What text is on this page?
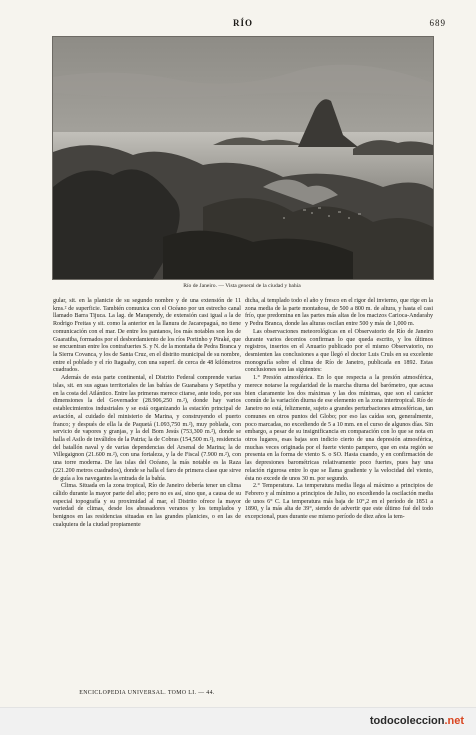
RÍO	689
Río de Janeiro. — Vista general de la ciudad y bahía

gular, sit. en la planicie de su segundo nombre y de una extensión de 11 kms.² de superficie. También comunica con el Océano por un estrecho canal llamado Barra Tijuca. La lag. de Marapendy, de extensión casi igual a la de Rodrigo Freitas y sit. como la anterior en la llanura de Jacarepaguá, no tiene comunicación con el mar. De entre los pantanos, los más notables son los de Guaratiba, formados por el desbordamiento de los ríos Portinho y Piraké, que se encuentran entre los contrafuertes S. y N. de la montaña de Pedra Branca y la Sierra Covanca, y los de Santa Cruz, en el distrito municipal de su nombre, entre el poblado y el río Itaguahy, con una superf. de cerca de 48 kilómetros cuadrados.

Además de esta parte continental, el Distrito Federal comprende varias islas, sit. en sus aguas territoriales de las bahías de Guanabara y Sepetiba y en la costa del Atlántico. Entre las primeras merece citarse, ante todo, por sus dimensiones la del Governador (28.906,250 m.²), donde hay varios establecimientos industriales y se está organizando la estación principal de aviación, al cuidado del ministerio de Marina, y construyendo el puerto franco; y después de ella la de Paquetá (1.093,750 m.²), muy poblada, con servicio de vapores y granjas, y la del Bom Jesús (753,300 m.²), donde se halla el Asilo de inválidos de la Patria; la de Cobras (154,500 m.²), residencia del batallón naval y de varias dependencias del Arsenal de Marina; la de Villegaignon (21.600 m.²), con una fortaleza, y la de Fiscal (7.900 m.²), con una torre moderna. De las islas del Océano, la más notable es la Raza (221.200 metros cuadrados), donde se halla el faro de primera clase que sirve de guía a los navegantes la entrada de la bahía.

Clima. Situada en la zona tropical, Río de Janeiro debería tener un clima cálido durante la mayor parte del año; pero no es así, sino que, a causa de su especial topografía y su proximidad al mar, el Distrito ofrece la mayor variedad de climas, desde los abrasadores veranos y los templados y benignos en las residencias situadas en las grandes planicies, o en las de cualquiera de la ciudad propiamente

dicha, al templado todo el año y fresco en el rigor del invierno, que rige en la zona media de la parte montañosa, de 500 a 800 m. de altura, y hasta el casi frío, que predomina en las partes más altas de los macizos Carioca-Andarahy y Pedra Branca, donde las alturas oscilan entre 500 y más de 1,000 m.

Las observaciones meteorológicas en el Observatorio de Río de Janeiro durante varios decenios confirman lo que queda escrito, y los últimos registros, insertos en el Anuario publicado por el mismo Observatorio, no desmienten las conclusiones a que llegó el doctor Luis Cruls en su excelente monografía sobre el clima de Río de Janeiro, publicada en 1892. Estas conclusiones son las siguientes:

1.° Presión atmosférica. En lo que respecta a la presión atmosférica, merece notarse la regularidad de la marcha diurna del barómetro, que acusa bien claramente los dos máximas y las dos mínimas, que son el carácter común de la variación diurna de ese elemento en la zona intertropical. Río de Janeiro no está, felizmente, sujeto a grandes perturbaciones atmosféricas, tan comunes en otros puntos del Globo; por eso las caídas son, generalmente, poco marcadas, no excediendo de 5 a 10 mm. en el curso de algunos días. Sin embargo, a pesar de su insignificancia en comparación con lo que se nota en otros lugares, esas bajas son indicio cierto de una depresión atmosférica, muchas veces originada por el fuerte viento pampero, que en esta región se presenta en la forma de viento S. o SO. Hasta cuando, y en confirmación de las depresiones barométricas relativamente poco fuertes, pues hay una relación rigurosa entre lo que se llama gradiente y la velocidad del viento, ésta no excede de unos 30 m. por segundo.

2.° Temperatura. La temperatura media llega al máximo a principios de Febrero y al mínimo a principios de Julio, no excediendo la oscilación media de unos 6° C. La temperatura más baja de 10°,2 en el período de 1851 a 1890, y la más alta de 39°, siendo de advertir que este último fué del todo excepcional, pues durante ese mismo período de diez años la tem-

ENCICLOPEDIA UNIVERSAL. TOMO LI. — 44.
todocoleccion.net
